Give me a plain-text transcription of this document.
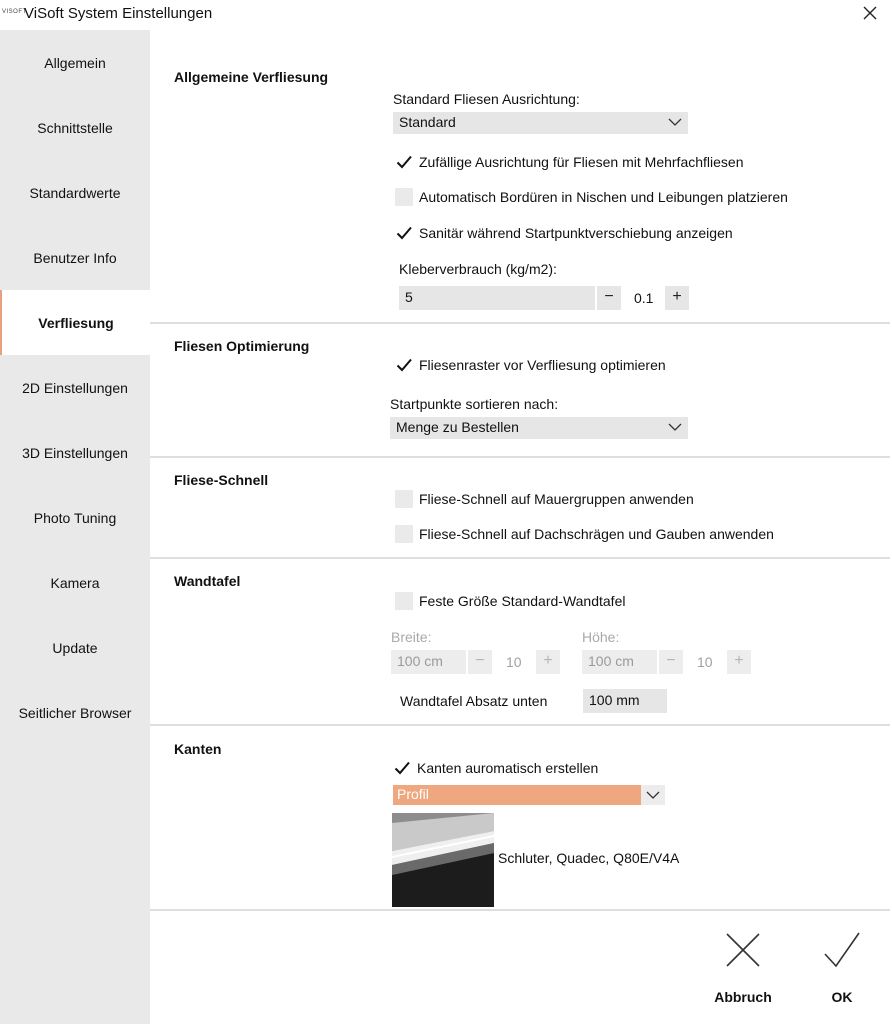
VISOFT
ViSoft System Einstellungen
Allgemein
Schnittstelle
Standardwerte
Benutzer Info
Verfliesung
2D Einstellungen
3D Einstellungen
Photo Tuning
Kamera
Update
Seitlicher Browser
Allgemeine Verfliesung
Standard Fliesen Ausrichtung:
Standard
Zufällige Ausrichtung für Fliesen mit Mehrfachfliesen
Automatisch Bordüren in Nischen und Leibungen platzieren
Sanitär während Startpunktverschiebung anzeigen
Kleberverbrauch (kg/m2):
5	−	0.1	+
Fliesen Optimierung
Fliesenraster vor Verfliesung optimieren
Startpunkte sortieren nach:
Menge zu Bestellen
Fliese-Schnell
Fliese-Schnell auf Mauergruppen anwenden
Fliese-Schnell auf Dachschrägen und Gauben anwenden
Wandtafel
Feste Größe Standard-Wandtafel
Breite:
100 cm	−	10	+
Höhe:
100 cm	−	10	+
Wandtafel Absatz unten	100 mm
Kanten
Kanten auromatisch erstellen
Profil
Schluter, Quadec, Q80E/V4A
Abbruch	OK
